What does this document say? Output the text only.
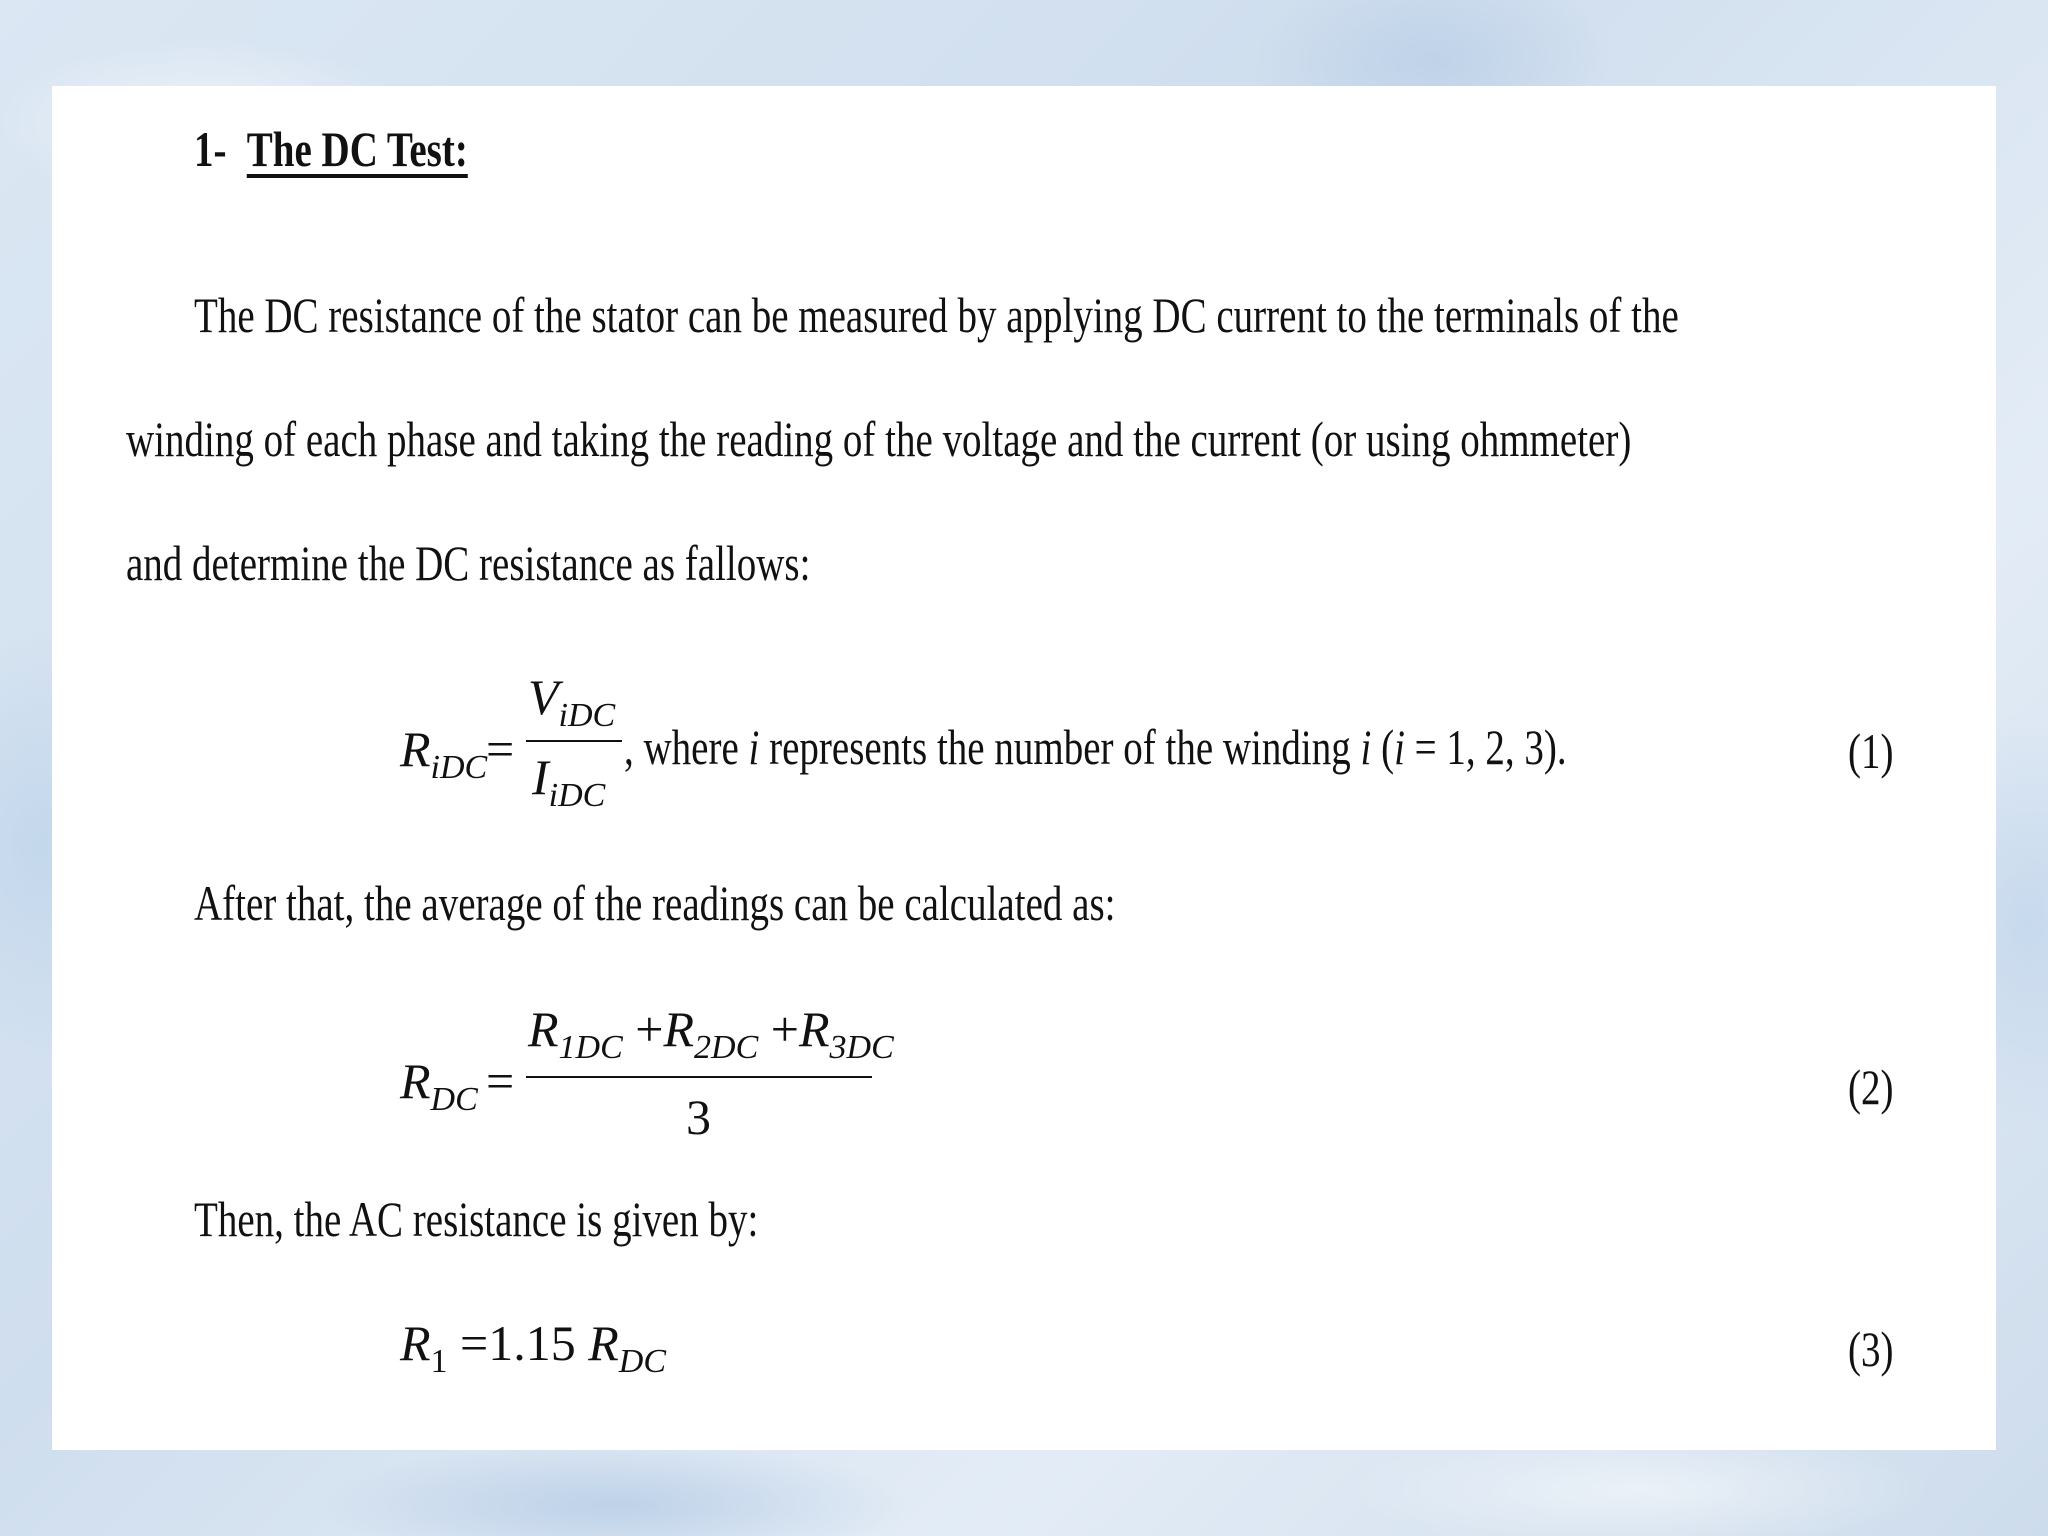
1- The DC Test:
The DC resistance of the stator can be measured by applying DC current to the terminals of the
winding of each phase and taking the reading of the voltage and the current (or using ohmmeter)
and determine the DC resistance as fallows:
$R_{iDC}$
=
$V_{iDC}$
$I_{iDC}$
, where i represents the number of the winding i (i = 1, 2, 3).	(1)
After that, the average of the readings can be calculated as:
$R_{DC}$ =
$R_{1DC} +R_{2DC} +R_{3DC}$
3
(2)
Then, the AC resistance is given by:
$R_1 =1.15$ $R_{DC}$	(3)
